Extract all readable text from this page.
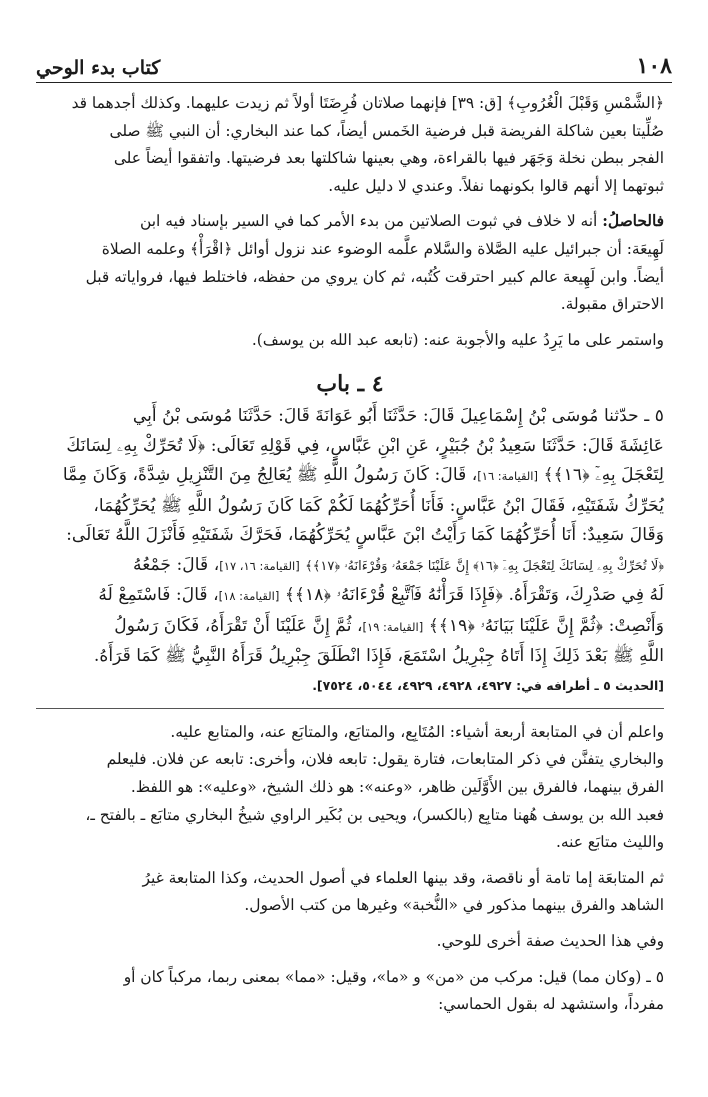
١٠٨
كتاب بدء الوحي

﴿الشَّمْسِ وَقَبْلَ الْغُرُوبِ﴾ [ق: ٣٩] فإنهما صلاتان فُرِضَتَا أولاً ثم زيدت عليهما. وكذلك أجدهما قد

صُلِّيتا بعين شاكلة الفريضة قبل فرضية الخَمس أيضاً، كما عند البخاري: أن النبي ﷺ صلى

الفجر ببطن نخلة وَجَهَر فيها بالقراءة، وهي بعينها شاكلتها بعد فرضيتها. واتفقوا أيضاً على

ثبوتهما إلا أنهم قالوا بكونهما نفلاً. وعندي لا دليل عليه.

فالحاصلُ: أنه لا خلاف في ثبوت الصلاتين من بدء الأمر كما في السير بإسناد فيه ابن

لَهِيعَة: أن جبرائيل عليه الصَّلاة والسَّلام علَّمه الوضوء عند نزول أوائل ﴿اقْرَأْ﴾ وعلمه الصلاة

أيضاً. وابن لَهِيعة عالم كبير احترقت كُتُبه، ثم كان يروي من حفظه، فاختلط فيها، فرواياته قبل

الاحتراق مقبولة.

واستمر على ما يَرِدُ عليه والأجوبة عنه: (تابعه عبد الله بن يوسف).

٤ ـ باب

٥ ـ حدّثنا مُوسَى بْنُ إِسْمَاعِيلَ قَالَ: حَدَّثَنَا أَبُو عَوَانَةَ قَالَ: حَدَّثَنَا مُوسَى بْنُ أَبِي

عَائِشَةَ قَالَ: حَدَّثَنَا سَعِيدُ بْنُ جُبَيْرٍ، عَنِ ابْنِ عَبَّاسٍ، فِي قَوْلِهِ تَعَالَى: ﴿لَا تُحَرِّكْ بِهِۦ لِسَانَكَ

لِتَعْجَلَ بِهِۦٓ ﴿١٦﴾﴾ [القيامة: ١٦]، قَالَ: كَانَ رَسُولُ اللَّهِ ﷺ يُعَالِجُ مِنَ التَّنْزِيلِ شِدَّةً، وَكَانَ مِمَّا

يُحَرِّكُ شَفَتَيْهِ، فَقَالَ ابْنُ عَبَّاسٍ: فَأَنَا أُحَرِّكُهُمَا لَكُمْ كَمَا كَانَ رَسُولُ اللَّهِ ﷺ يُحَرِّكُهُمَا،

وَقَالَ سَعِيدٌ: أَنَا أُحَرِّكُهُمَا كَمَا رَأَيْتُ ابْنَ عَبَّاسٍ يُحَرِّكُهُمَا، فَحَرَّكَ شَفَتَيْهِ فَأَنْزَلَ اللَّهُ تَعَالَى:

﴿لَا تُحَرِّكْ بِهِۦ لِسَانَكَ لِتَعْجَلَ بِهِۦٓ ﴿١٦﴾ إِنَّ عَلَيْنَا جَمْعَهُۥ وَقُرْءَانَهُۥ ﴿١٧﴾﴾ [القيامة: ١٦، ١٧]، قَالَ: جَمْعُهُ

لَهُ فِي صَدْرِكَ، وَتَقْرَأَهُ. ﴿فَإِذَا قَرَأْنَٰهُ فَٱتَّبِعْ قُرْءَانَهُۥ ﴿١٨﴾﴾ [القيامة: ١٨]، قَالَ: فَاسْتَمِعْ لَهُ

وَأَنْصِتْ: ﴿ثُمَّ إِنَّ عَلَيْنَا بَيَانَهُۥ ﴿١٩﴾﴾ [القيامة: ١٩]، ثُمَّ إِنَّ عَلَيْنَا أَنْ تَقْرَأَهُ، فَكَانَ رَسُولُ

اللَّهِ ﷺ بَعْدَ ذَلِكَ إِذَا أَتَاهُ جِبْرِيلُ اسْتَمَعَ، فَإِذَا انْطَلَقَ جِبْرِيلُ قَرَأَهُ النَّبِيُّ ﷺ كَمَا قَرَأَهُ.

[الحديث ٥ ـ أطرافه في: ٤٩٢٧، ٤٩٢٨، ٤٩٢٩، ٥٠٤٤، ٧٥٢٤].

واعلم أن في المتابعة أربعة أشياء: المُتَابِع، والمتابَع، والمتابَع عنه، والمتابع عليه.

والبخاري يتفنَّن في ذكر المتابعات، فتارة يقول: تابعه فلان، وأخرى: تابعه عن فلان. فليعلم

الفرق بينهما، فالفرق بين الأَوَّلَين ظاهر، «وعنه»: هو ذلك الشيخ، «وعليه»: هو اللفظ.

فعبد الله بن يوسف هُهنا متابِع (بالكسر)، ويحيى بن بُكَير الراوي شيخُ البخاري متابَع ـ بالفتح ـ،

والليث متابَع عنه.

ثم المتابعَة إما تامة أو ناقصة، وقد بينها العلماء في أصول الحديث، وكذا المتابعة غيرُ

الشاهد والفرق بينهما مذكور في «النُّخبة» وغيرها من كتب الأصول.

وفي هذا الحديث صفة أخرى للوحي.

٥ ـ (وكان مما) قيل: مركب من «من» و «ما»، وقيل: «مما» بمعنى ربما، مركباً كان أو

مفرداً، واستشهد له بقول الحماسي:
